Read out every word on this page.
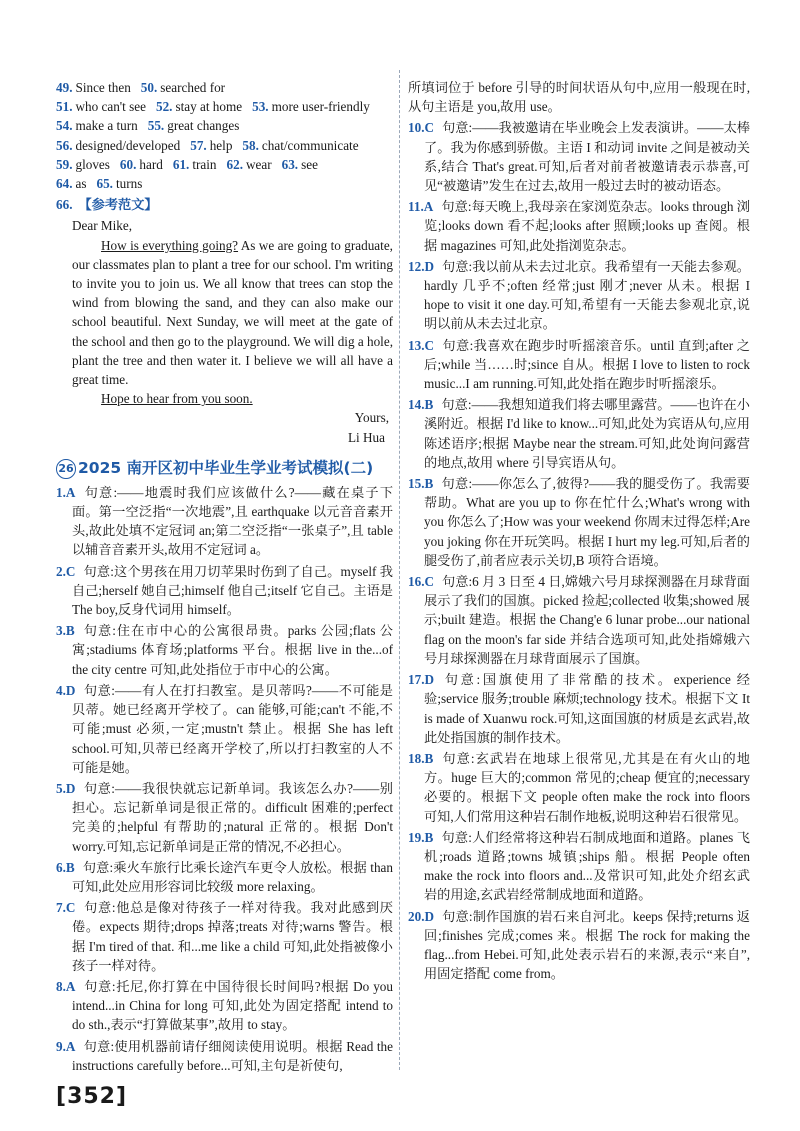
49. Since then 50. searched for
51. who can't see 52. stay at home 53. more user-friendly
54. make a turn 55. great changes
56. designed/developed 57. help 58. chat/communicate
59. gloves 60. hard 61. train 62. wear 63. see
64. as 65. turns

66. 【参考范文】

Dear Mike,

How is everything going? As we are going to graduate, our classmates plan to plant a tree for our school. I'm writing to invite you to join us. We all know that trees can stop the wind from blowing the sand, and they can also make our school beautiful. Next Sunday, we will meet at the gate of the school and then go to the playground. We will dig a hole, plant the tree and then water it. I believe we will all have a great time.

Hope to hear from you soon.

Yours,

Li Hua

26 2025 南开区初中毕业生学业考试模拟(二)

1.A 句意:——地震时我们应该做什么?——藏在桌子下面。第一空泛指“一次地震”,且 earthquake 以元音音素开头,故此处填不定冠词 an;第二空泛指“一张桌子”,且 table 以辅音音素开头,故用不定冠词 a。

2.C 句意:这个男孩在用刀切苹果时伤到了自己。myself 我自己;herself 她自己;himself 他自己;itself 它自己。主语是 The boy,反身代词用 himself。

3.B 句意:住在市中心的公寓很昂贵。parks 公园;flats 公寓;stadiums 体育场;platforms 平台。根据 live in the...of the city centre 可知,此处指位于市中心的公寓。

4.D 句意:——有人在打扫教室。是贝蒂吗?——不可能是贝蒂。她已经离开学校了。can 能够,可能;can't 不能,不可能;must 必须,一定;mustn't 禁止。根据 She has left school.可知,贝蒂已经离开学校了,所以打扫教室的人不可能是她。

5.D 句意:——我很快就忘记新单词。我该怎么办?——别担心。忘记新单词是很正常的。difficult 困难的;perfect 完美的;helpful 有帮助的;natural 正常的。根据 Don't worry.可知,忘记新单词是正常的情况,不必担心。

6.B 句意:乘火车旅行比乘长途汽车更令人放松。根据 than 可知,此处应用形容词比较级 more relaxing。

7.C 句意:他总是像对待孩子一样对待我。我对此感到厌倦。expects 期待;drops 掉落;treats 对待;warns 警告。根据 I'm tired of that. 和...me like a child 可知,此处指被像小孩子一样对待。

8.A 句意:托尼,你打算在中国待很长时间吗?根据 Do you intend...in China for long 可知,此处为固定搭配 intend to do sth.,表示“打算做某事”,故用 to stay。

9.A 句意:使用机器前请仔细阅读使用说明。根据 Read the instructions carefully before...可知,主句是祈使句,

所填词位于 before 引导的时间状语从句中,应用一般现在时,从句主语是 you,故用 use。

10.C 句意:——我被邀请在毕业晚会上发表演讲。——太棒了。我为你感到骄傲。主语 I 和动词 invite 之间是被动关系,结合 That's great.可知,后者对前者被邀请表示恭喜,可见“被邀请”发生在过去,故用一般过去时的被动语态。

11.A 句意:每天晚上,我母亲在家浏览杂志。looks through 浏览;looks down 看不起;looks after 照顾;looks up 查阅。根据 magazines 可知,此处指浏览杂志。

12.D 句意:我以前从未去过北京。我希望有一天能去参观。hardly 几乎不;often 经常;just 刚才;never 从未。根据 I hope to visit it one day.可知,希望有一天能去参观北京,说明以前从未去过北京。

13.C 句意:我喜欢在跑步时听摇滚音乐。until 直到;after 之后;while 当……时;since 自从。根据 I love to listen to rock music...I am running.可知,此处指在跑步时听摇滚乐。

14.B 句意:——我想知道我们将去哪里露营。——也许在小溪附近。根据 I'd like to know...可知,此处为宾语从句,应用陈述语序;根据 Maybe near the stream.可知,此处询问露营的地点,故用 where 引导宾语从句。

15.B 句意:——你怎么了,彼得?——我的腿受伤了。我需要帮助。What are you up to 你在忙什么;What's wrong with you 你怎么了;How was your weekend 你周末过得怎样;Are you joking 你在开玩笑吗。根据 I hurt my leg.可知,后者的腿受伤了,前者应表示关切,B 项符合语境。

16.C 句意:6 月 3 日至 4 日,嫦娥六号月球探测器在月球背面展示了我们的国旗。picked 捡起;collected 收集;showed 展示;built 建造。根据 the Chang'e 6 lunar probe...our national flag on the moon's far side 并结合选项可知,此处指嫦娥六号月球探测器在月球背面展示了国旗。

17.D 句意:国旗使用了非常酷的技术。experience 经验;service 服务;trouble 麻烦;technology 技术。根据下文 It is made of Xuanwu rock.可知,这面国旗的材质是玄武岩,故此处指国旗的制作技术。

18.B 句意:玄武岩在地球上很常见,尤其是在有火山的地方。huge 巨大的;common 常见的;cheap 便宜的;necessary 必要的。根据下文 people often make the rock into floors 可知,人们常用这种岩石制作地板,说明这种岩石很常见。

19.B 句意:人们经常将这种岩石制成地面和道路。planes 飞机;roads 道路;towns 城镇;ships 船。根据 People often make the rock into floors and...及常识可知,此处介绍玄武岩的用途,玄武岩经常制成地面和道路。

20.D 句意:制作国旗的岩石来自河北。keeps 保持;returns 返回;finishes 完成;comes 来。根据 The rock for making the flag...from Hebei.可知,此处表示岩石的来源,表示“来自”,用固定搭配 come from。

[352]
